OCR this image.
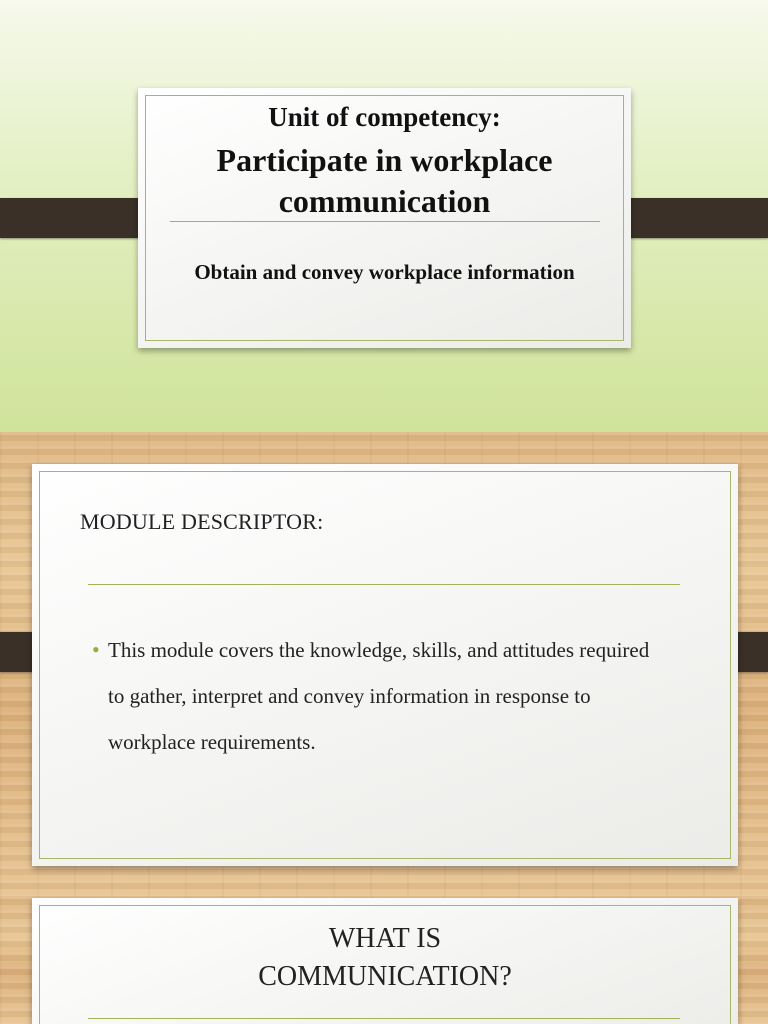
Unit of competency:
Participate in workplace
communication
Obtain and convey workplace information
MODULE DESCRIPTOR:
• This module covers the knowledge, skills, and attitudes required to gather, interpret and convey information in response to workplace requirements.
WHAT IS
COMMUNICATION?
